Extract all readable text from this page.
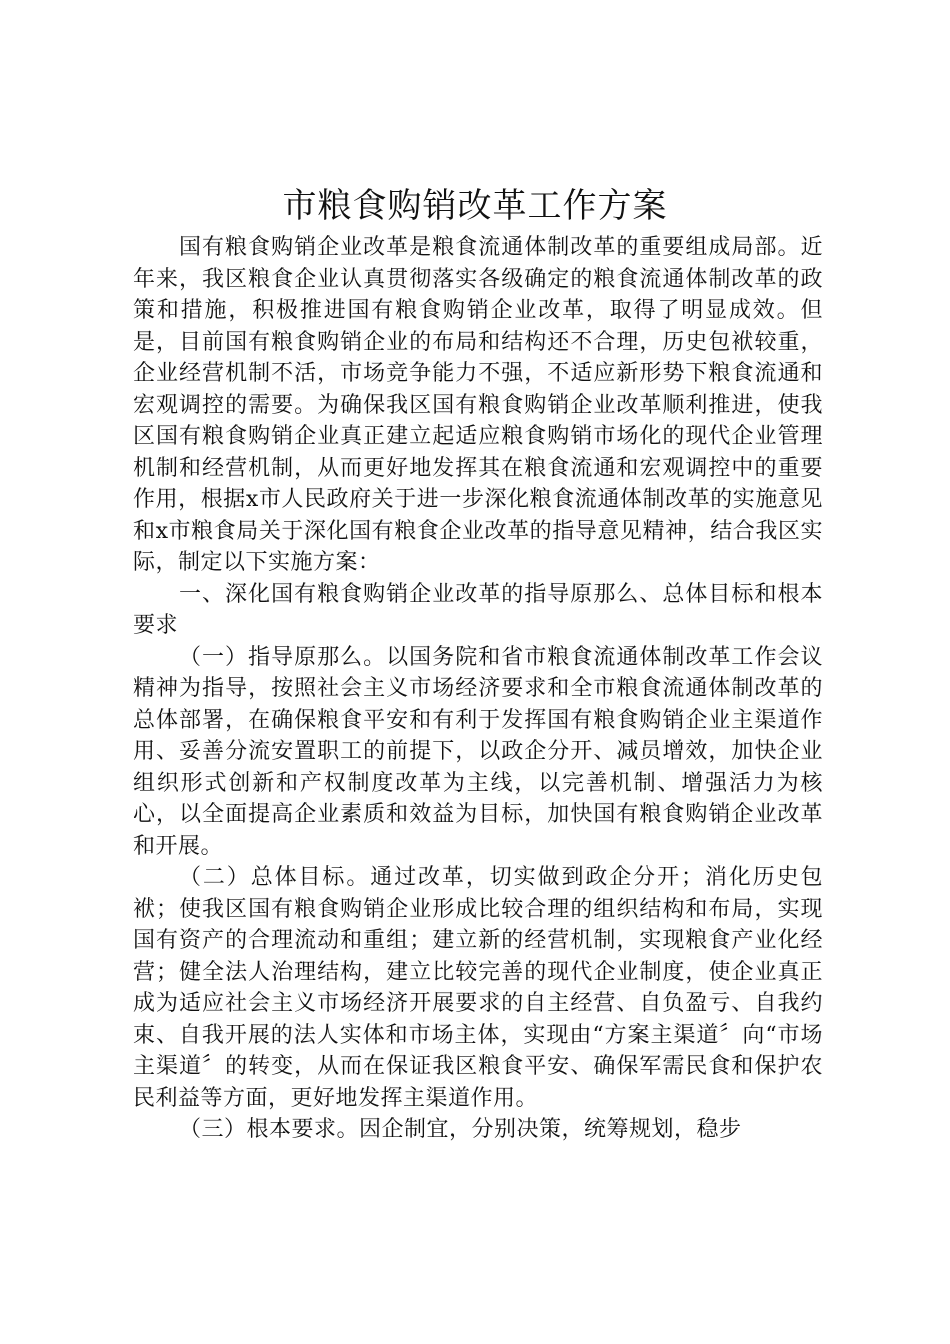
市粮食购销改革工作方案

国有粮食购销企业改革是粮食流通体制改革的重要组成局部。近年来，我区粮食企业认真贯彻落实各级确定的粮食流通体制改革的政策和措施，积极推进国有粮食购销企业改革，取得了明显成效。但是，目前国有粮食购销企业的布局和结构还不合理，历史包袱较重，企业经营机制不活，市场竞争能力不强，不适应新形势下粮食流通和宏观调控的需要。为确保我区国有粮食购销企业改革顺利推进，使我区国有粮食购销企业真正建立起适应粮食购销市场化的现代企业管理机制和经营机制，从而更好地发挥其在粮食流通和宏观调控中的重要作用，根据x市人民政府关于进一步深化粮食流通体制改革的实施意见和x市粮食局关于深化国有粮食企业改革的指导意见精神，结合我区实际，制定以下实施方案：

一、深化国有粮食购销企业改革的指导原那么、总体目标和根本要求

（一）指导原那么。以国务院和省市粮食流通体制改革工作会议精神为指导，按照社会主义市场经济要求和全市粮食流通体制改革的总体部署，在确保粮食平安和有利于发挥国有粮食购销企业主渠道作用、妥善分流安置职工的前提下，以政企分开、减员增效，加快企业组织形式创新和产权制度改革为主线，以完善机制、增强活力为核心，以全面提高企业素质和效益为目标，加快国有粮食购销企业改革和开展。

（二）总体目标。通过改革，切实做到政企分开；消化历史包袱；使我区国有粮食购销企业形成比较合理的组织结构和布局，实现国有资产的合理流动和重组；建立新的经营机制，实现粮食产业化经营；健全法人治理结构，建立比较完善的现代企业制度，使企业真正成为适应社会主义市场经济开展要求的自主经营、自负盈亏、自我约束、自我开展的法人实体和市场主体，实现由“方案主渠道〞向“市场主渠道〞的转变，从而在保证我区粮食平安、确保军需民食和保护农民利益等方面，更好地发挥主渠道作用。

（三）根本要求。因企制宜，分别决策，统筹规划，稳步
